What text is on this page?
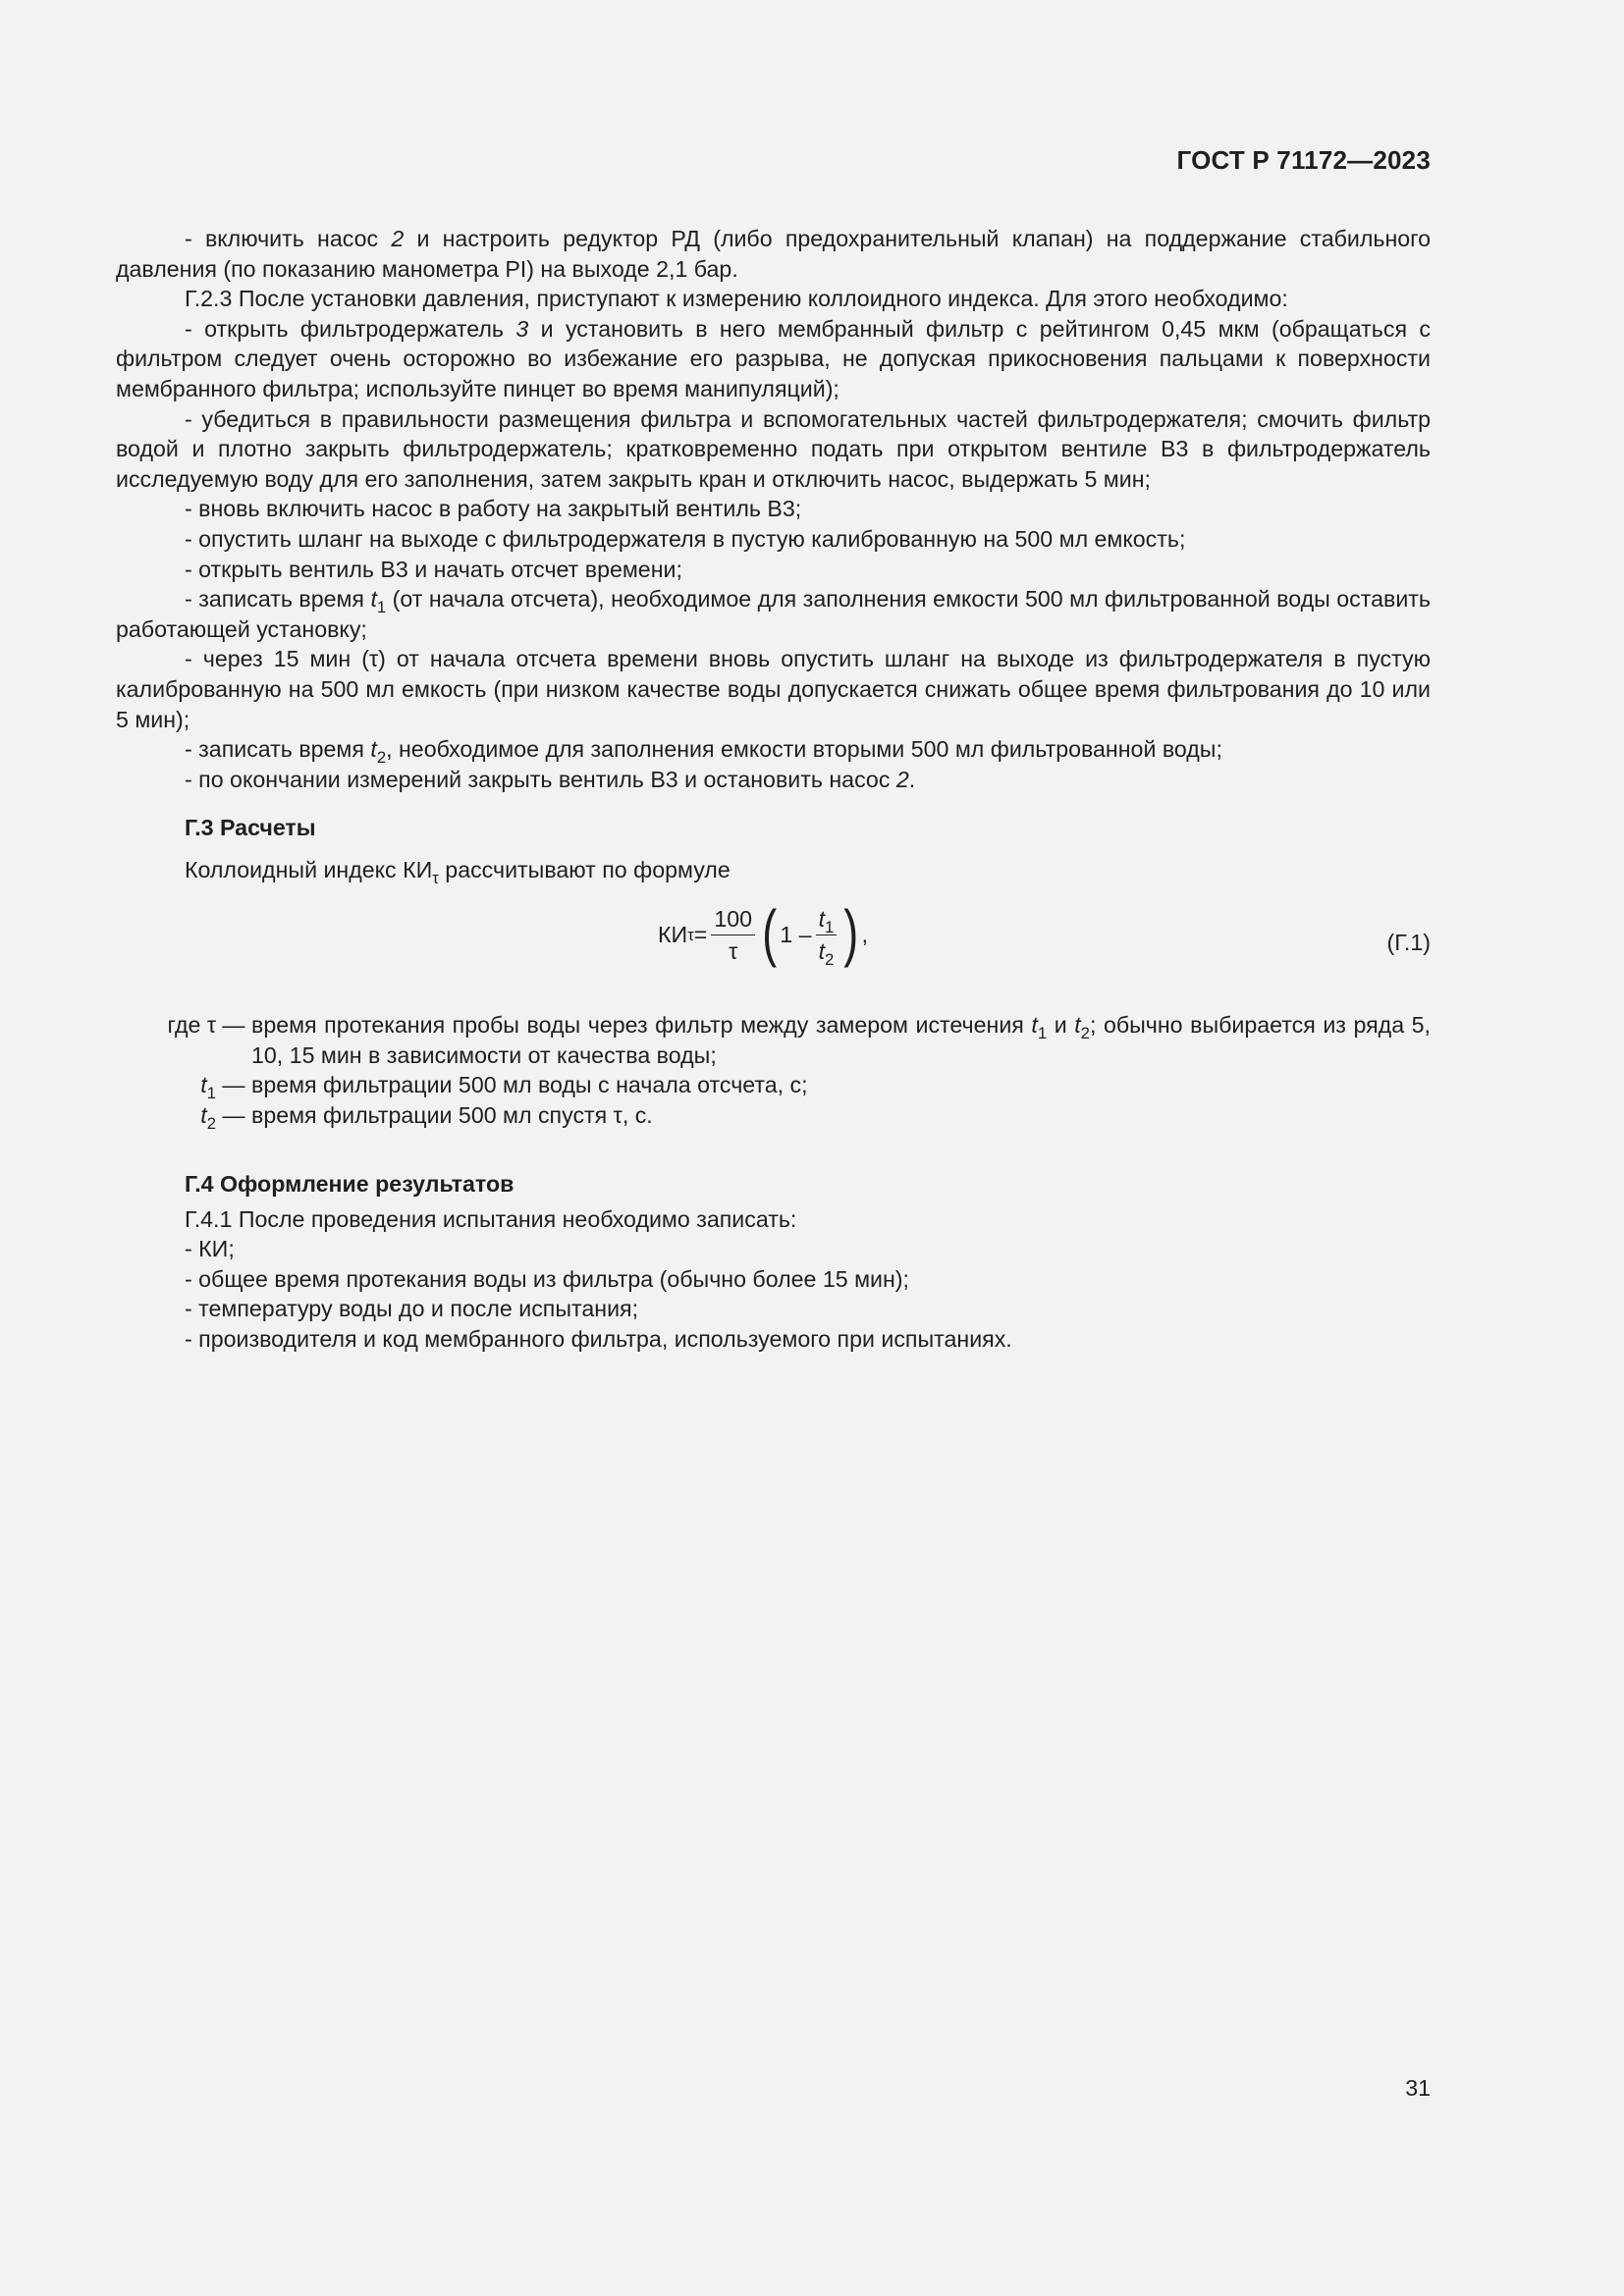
ГОСТ Р 71172—2023

- включить насос 2 и настроить редуктор РД (либо предохранительный клапан) на поддержание стабильного давления (по показанию манометра PI) на выходе 2,1 бар.

Г.2.3 После установки давления, приступают к измерению коллоидного индекса. Для этого необходимо:

- открыть фильтродержатель 3 и установить в него мембранный фильтр с рейтингом 0,45 мкм (обращаться с фильтром следует очень осторожно во избежание его разрыва, не допуская прикосновения пальцами к поверхности мембранного фильтра; используйте пинцет во время манипуляций);

- убедиться в правильности размещения фильтра и вспомогательных частей фильтродержателя; смочить фильтр водой и плотно закрыть фильтродержатель; кратковременно подать при открытом вентиле В3 в фильтродержатель исследуемую воду для его заполнения, затем закрыть кран и отключить насос, выдержать 5 мин;

- вновь включить насос в работу на закрытый вентиль В3;

- опустить шланг на выходе с фильтродержателя в пустую калиброванную на 500 мл емкость;

- открыть вентиль В3 и начать отсчет времени;

- записать время $t_1$ (от начала отсчета), необходимое для заполнения емкости 500 мл фильтрованной воды оставить работающей установку;

- через 15 мин (τ) от начала отсчета времени вновь опустить шланг на выходе из фильтродержателя в пустую калиброванную на 500 мл емкость (при низком качестве воды допускается снижать общее время фильтрования до 10 или 5 мин);

- записать время $t_2$, необходимое для заполнения емкости вторыми 500 мл фильтрованной воды;

- по окончании измерений закрыть вентиль В3 и остановить насос 2.

Г.3 Расчеты

Коллоидный индекс $КИ_\tau$ рассчитывают по формуле

КИ $\tau = \frac{100}{\tau}$ ( $1 - \frac{t_1}{t_2}$ ) ,	(Г.1)
где τ — время протекания пробы воды через фильтр между замером истечения $t_1$ и $t_2$; обычно выбирается из ряда 5, 10, 15 мин в зависимости от качества воды;
$t_1$ — время фильтрации 500 мл воды с начала отсчета, с;
$t_2$ — время фильтрации 500 мл спустя τ, с.
Г.4 Оформление результатов

Г.4.1 После проведения испытания необходимо записать:

- КИ;

- общее время протекания воды из фильтра (обычно более 15 мин);

- температуру воды до и после испытания;

- производителя и код мембранного фильтра, используемого при испытаниях.

31
